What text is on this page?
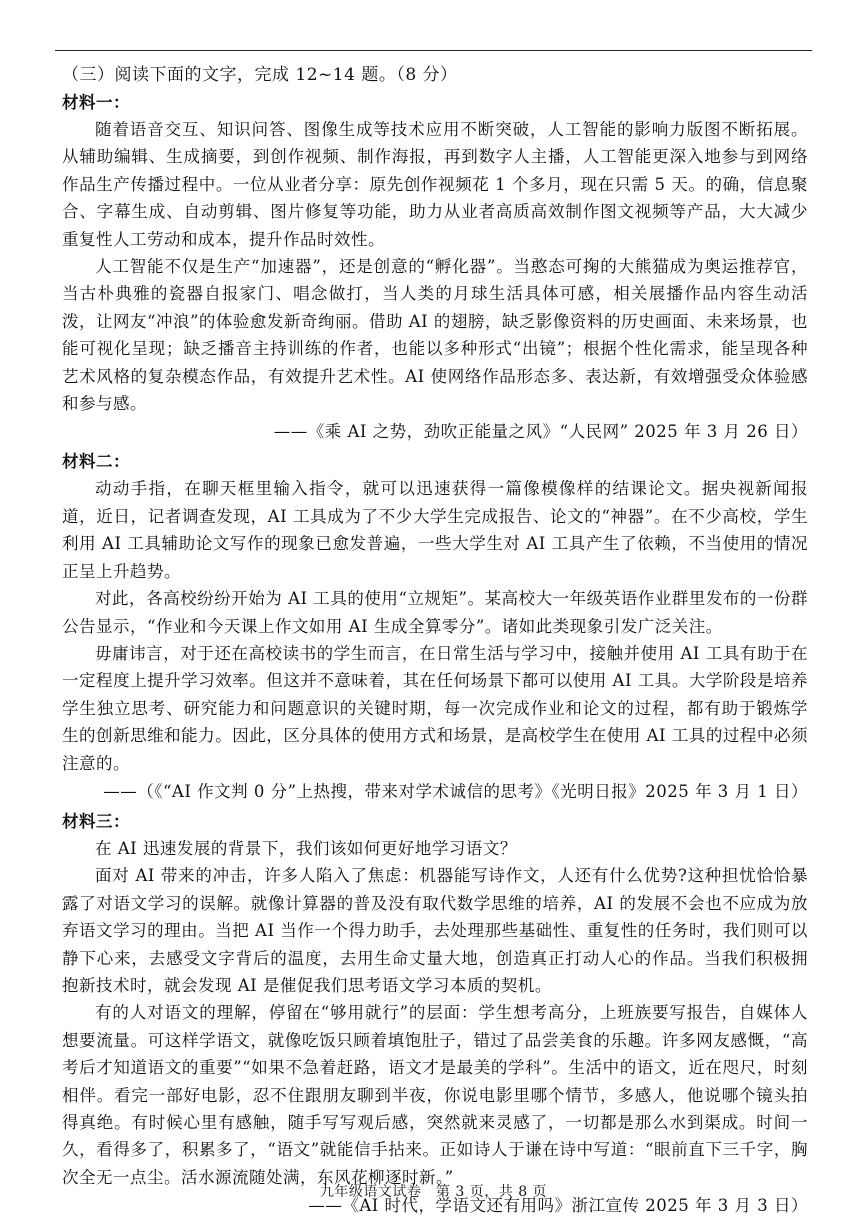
（三）阅读下面的文字，完成 12~14 题。（8 分）

材料一：

随着语音交互、知识问答、图像生成等技术应用不断突破，人工智能的影响力版图不断拓展。从辅助编辑、生成摘要，到创作视频、制作海报，再到数字人主播，人工智能更深入地参与到网络作品生产传播过程中。一位从业者分享：原先创作视频花 1 个多月，现在只需 5 天。的确，信息聚合、字幕生成、自动剪辑、图片修复等功能，助力从业者高质高效制作图文视频等产品，大大减少重复性人工劳动和成本，提升作品时效性。

人工智能不仅是生产“加速器”，还是创意的“孵化器”。当憨态可掬的大熊猫成为奥运推荐官，当古朴典雅的瓷器自报家门、唱念做打，当人类的月球生活具体可感，相关展播作品内容生动活泼，让网友“冲浪”的体验愈发新奇绚丽。借助 AI 的翅膀，缺乏影像资料的历史画面、未来场景，也能可视化呈现；缺乏播音主持训练的作者，也能以多种形式“出镜”；根据个性化需求，能呈现各种艺术风格的复杂模态作品，有效提升艺术性。AI 使网络作品形态多、表达新，有效增强受众体验感和参与感。

——《乘 AI 之势，劲吹正能量之风》“人民网” 2025 年 3 月 26 日）

材料二：

动动手指，在聊天框里输入指令，就可以迅速获得一篇像模像样的结课论文。据央视新闻报道，近日，记者调查发现，AI 工具成为了不少大学生完成报告、论文的“神器”。在不少高校，学生利用 AI 工具辅助论文写作的现象已愈发普遍，一些大学生对 AI 工具产生了依赖，不当使用的情况正呈上升趋势。

对此，各高校纷纷开始为 AI 工具的使用“立规矩”。某高校大一年级英语作业群里发布的一份群公告显示，“作业和今天课上作文如用 AI 生成全算零分”。诸如此类现象引发广泛关注。

毋庸讳言，对于还在高校读书的学生而言，在日常生活与学习中，接触并使用 AI 工具有助于在一定程度上提升学习效率。但这并不意味着，其在任何场景下都可以使用 AI 工具。大学阶段是培养学生独立思考、研究能力和问题意识的关键时期，每一次完成作业和论文的过程，都有助于锻炼学生的创新思维和能力。因此，区分具体的使用方式和场景，是高校学生在使用 AI 工具的过程中必须注意的。

——（《“AI 作文判 0 分”上热搜，带来对学术诚信的思考》《光明日报》2025 年 3 月 1 日）

材料三：

在 AI 迅速发展的背景下，我们该如何更好地学习语文？

面对 AI 带来的冲击，许多人陷入了焦虑：机器能写诗作文，人还有什么优势?这种担忧恰恰暴露了对语文学习的误解。就像计算器的普及没有取代数学思维的培养，AI 的发展不会也不应成为放弃语文学习的理由。当把 AI 当作一个得力助手，去处理那些基础性、重复性的任务时，我们则可以静下心来，去感受文字背后的温度，去用生命丈量大地，创造真正打动人心的作品。当我们积极拥抱新技术时，就会发现 AI 是催促我们思考语文学习本质的契机。

有的人对语文的理解，停留在“够用就行”的层面：学生想考高分，上班族要写报告，自媒体人想要流量。可这样学语文，就像吃饭只顾着填饱肚子，错过了品尝美食的乐趣。许多网友感慨，“高考后才知道语文的重要”“如果不急着赶路，语文才是最美的学科”。生活中的语文，近在咫尺，时刻相伴。看完一部好电影，忍不住跟朋友聊到半夜，你说电影里哪个情节，多感人，他说哪个镜头拍得真绝。有时候心里有感触，随手写写观后感，突然就来灵感了，一切都是那么水到渠成。时间一久，看得多了，积累多了，“语文”就能信手拈来。正如诗人于谦在诗中写道：“眼前直下三千字，胸次全无一点尘。活水源流随处满，东风花柳逐时新。”

——《AI 时代，学语文还有用吗》浙江宣传 2025 年 3 月 3 日）

九年级语文试卷　第 3 页，共 8 页
